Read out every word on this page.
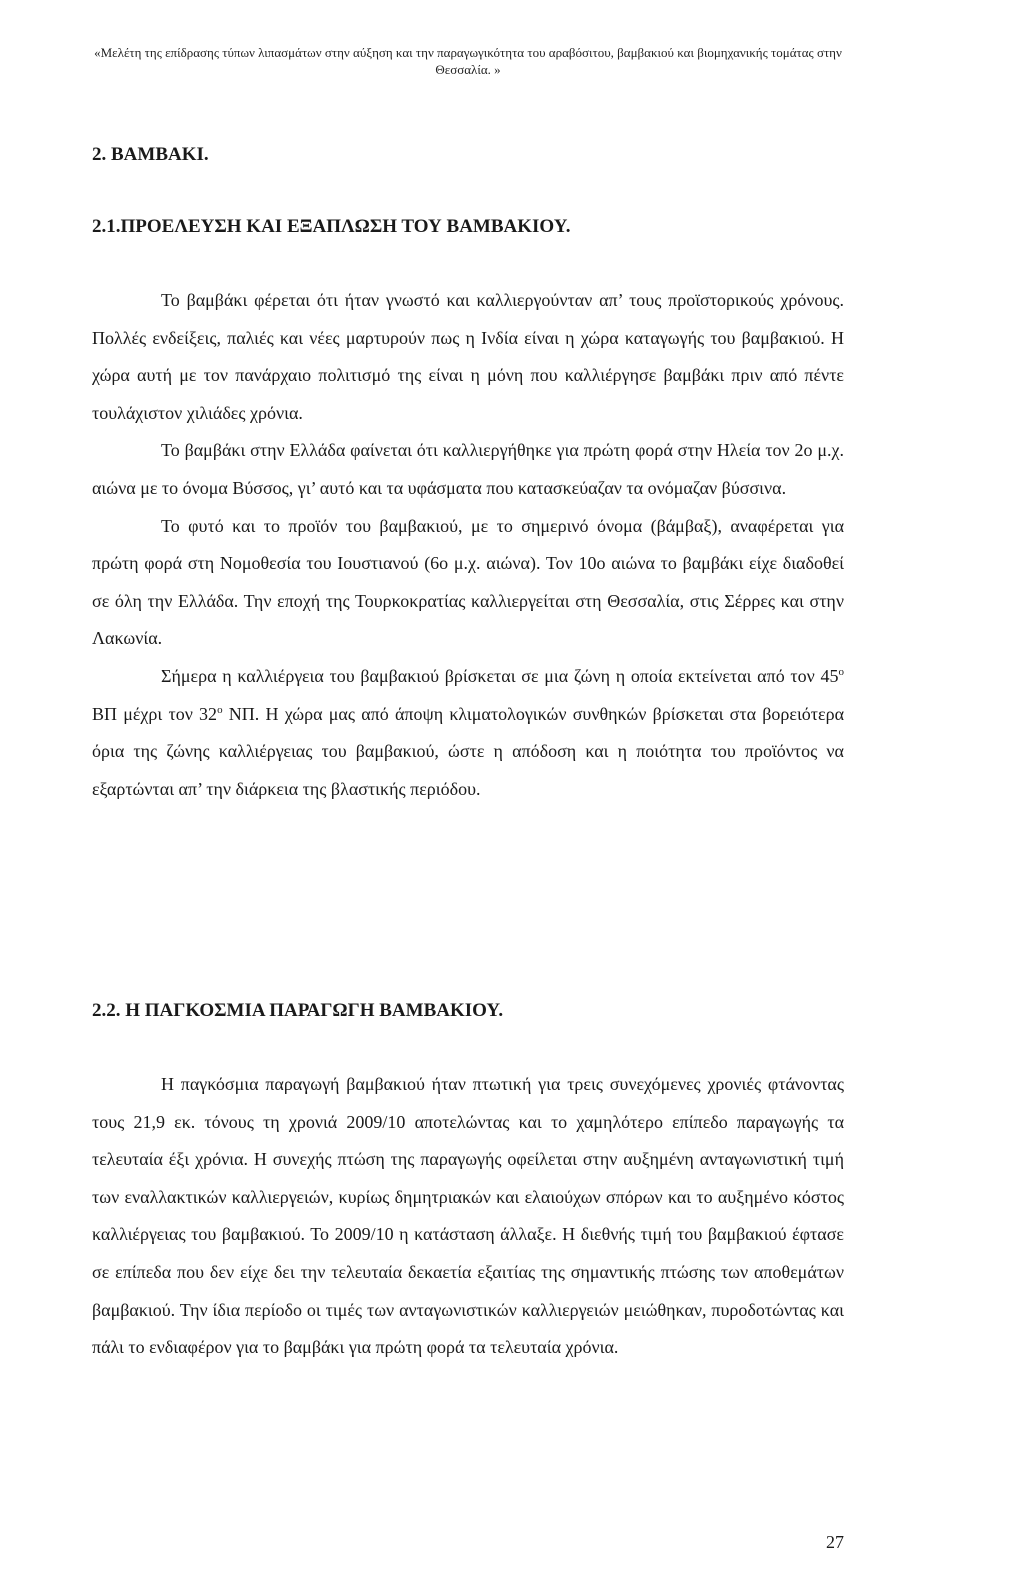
«Μελέτη της επίδρασης τύπων λιπασμάτων στην αύξηση και την παραγωγικότητα του αραβόσιτου, βαμβακιού και βιομηχανικής τομάτας στην Θεσσαλία. »
2. ΒΑΜΒΑΚΙ.
2.1.ΠΡΟΕΛΕΥΣΗ ΚΑΙ ΕΞΑΠΛΩΣΗ ΤΟΥ ΒΑΜΒΑΚΙΟΥ.

Το βαμβάκι φέρεται ότι ήταν γνωστό και καλλιεργούνταν απ’ τους προϊστορικούς χρόνους. Πολλές ενδείξεις, παλιές και νέες μαρτυρούν πως η Ινδία είναι η χώρα καταγωγής του βαμβακιού. Η χώρα αυτή με τον πανάρχαιο πολιτισμό της είναι η μόνη που καλλιέργησε βαμβάκι πριν από πέντε τουλάχιστον χιλιάδες χρόνια.

Το βαμβάκι στην Ελλάδα φαίνεται ότι καλλιεργήθηκε για πρώτη φορά στην Ηλεία τον 2ο μ.χ. αιώνα με το όνομα Βύσσος, γι’ αυτό και τα υφάσματα που κατασκεύαζαν τα ονόμαζαν βύσσινα.

Το φυτό και το προϊόν του βαμβακιού, με το σημερινό όνομα (βάμβαξ), αναφέρεται για πρώτη φορά στη Νομοθεσία του Ιουστιανού (6ο μ.χ. αιώνα). Τον 10ο αιώνα το βαμβάκι είχε διαδοθεί σε όλη την Ελλάδα. Την εποχή της Τουρκοκρατίας καλλιεργείται στη Θεσσαλία, στις Σέρρες και στην Λακωνία.

Σήμερα η καλλιέργεια του βαμβακιού βρίσκεται σε μια ζώνη η οποία εκτείνεται από τον $45^o$ ΒΠ μέχρι τον $32^o$ ΝΠ. Η χώρα μας από άποψη κλιματολογικών συνθηκών βρίσκεται στα βορειότερα όρια της ζώνης καλλιέργειας του βαμβακιού, ώστε η απόδοση και η ποιότητα του προϊόντος να εξαρτώνται απ’ την διάρκεια της βλαστικής περιόδου.

2.2. Η ΠΑΓΚΟΣΜΙΑ ΠΑΡΑΓΩΓΗ ΒΑΜΒΑΚΙΟΥ.

Η παγκόσμια παραγωγή βαμβακιού ήταν πτωτική για τρεις συνεχόμενες χρονιές φτάνοντας τους 21,9 εκ. τόνους τη χρονιά 2009/10 αποτελώντας και το χαμηλότερο επίπεδο παραγωγής τα τελευταία έξι χρόνια. Η συνεχής πτώση της παραγωγής οφείλεται στην αυξημένη ανταγωνιστική τιμή των εναλλακτικών καλλιεργειών, κυρίως δημητριακών και ελαιούχων σπόρων και το αυξημένο κόστος καλλιέργειας του βαμβακιού. Το 2009/10 η κατάσταση άλλαξε. Η διεθνής τιμή του βαμβακιού έφτασε σε επίπεδα που δεν είχε δει την τελευταία δεκαετία εξαιτίας της σημαντικής πτώσης των αποθεμάτων βαμβακιού. Την ίδια περίοδο οι τιμές των ανταγωνιστικών καλλιεργειών μειώθηκαν, πυροδοτώντας και πάλι το ενδιαφέρον για το βαμβάκι για πρώτη φορά τα τελευταία χρόνια.

27
